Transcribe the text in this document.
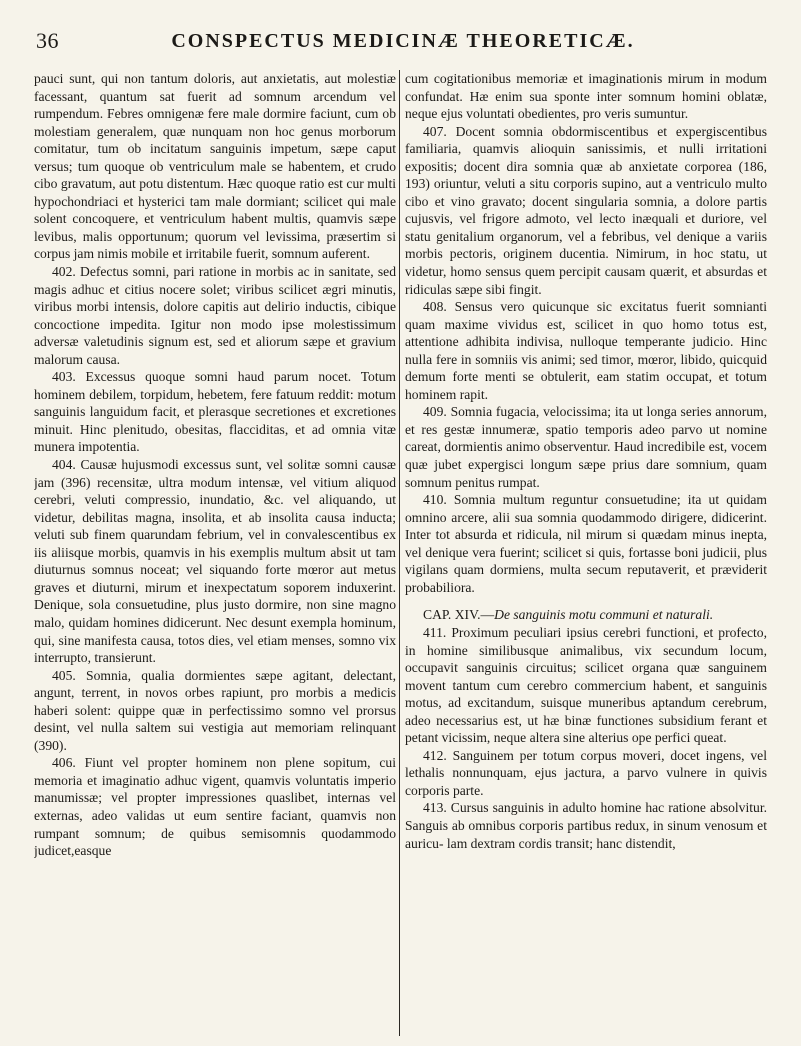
36	CONSPECTUS MEDICINÆ THEORETICÆ.

pauci sunt, qui non tantum doloris, aut anxietatis, aut molestiæ facessant, quantum sat fuerit ad somnum arcendum vel rumpendum. Febres omnigenæ fere male dormire faciunt, cum ob molestiam generalem, quæ nunquam non hoc genus morborum comitatur, tum ob incitatum sanguinis impetum, sæpe caput versus; tum quoque ob ventriculum male se habentem, et crudo cibo gravatum, aut potu distentum. Hæc quoque ratio est cur multi hypochondriaci et hysterici tam male dormiant; scilicet qui male solent concoquere, et ventriculum habent multis, quamvis sæpe levibus, malis opportunum; quorum vel levissima, præsertim si corpus jam nimis mobile et irritabile fuerit, somnum auferent.

402. Defectus somni, pari ratione in morbis ac in sanitate, sed magis adhuc et citius nocere solet; viribus scilicet ægri minutis, viribus morbi intensis, dolore capitis aut delirio inductis, cibique concoctione impedita. Igitur non modo ipse molestissimum adversæ valetudinis signum est, sed et aliorum sæpe et gravium malorum causa.

403. Excessus quoque somni haud parum nocet. Totum hominem debilem, torpidum, hebetem, fere fatuum reddit: motum sanguinis languidum facit, et plerasque secretiones et excretiones minuit. Hinc plenitudo, obesitas, flacciditas, et ad omnia vitæ munera impotentia.

404. Causæ hujusmodi excessus sunt, vel solitæ somni causæ jam (396) recensitæ, ultra modum intensæ, vel vitium aliquod cerebri, veluti compressio, inundatio, &c. vel aliquando, ut videtur, debilitas magna, insolita, et ab insolita causa inducta; veluti sub finem quarundam febrium, vel in convalescentibus ex iis aliisque morbis, quamvis in his exemplis multum absit ut tam diuturnus somnus noceat; vel siquando forte mœror aut metus graves et diuturni, mirum et inexpectatum soporem induxerint. Denique, sola consuetudine, plus justo dormire, non sine magno malo, quidam homines didicerunt. Nec desunt exempla hominum, qui, sine manifesta causa, totos dies, vel etiam menses, somno vix interrupto, transierunt.

405. Somnia, qualia dormientes sæpe agitant, delectant, angunt, terrent, in novos orbes rapiunt, pro morbis a medicis haberi solent: quippe quæ in perfectissimo somno vel prorsus desint, vel nulla saltem sui vestigia aut memoriam relinquant (390).

406. Fiunt vel propter hominem non plene sopitum, cui memoria et imaginatio adhuc vigent, quamvis voluntatis imperio manumissæ; vel propter impressiones quaslibet, internas vel externas, adeo validas ut eum sentire faciant, quamvis non rumpant somnum; de quibus semisomnis quodammodo judicet,easque

cum cogitationibus memoriæ et imaginationis mirum in modum confundat. Hæ enim sua sponte inter somnum homini oblatæ, neque ejus voluntati obedientes, pro veris sumuntur.

407. Docent somnia obdormiscentibus et expergiscentibus familiaria, quamvis alioquin sanissimis, et nulli irritationi expositis; docent dira somnia quæ ab anxietate corporea (186, 193) oriuntur, veluti a situ corporis supino, aut a ventriculo multo cibo et vino gravato; docent singularia somnia, a dolore partis cujusvis, vel frigore admoto, vel lecto inæquali et duriore, vel statu genitalium organorum, vel a febribus, vel denique a variis morbis pectoris, originem ducentia. Nimirum, in hoc statu, ut videtur, homo sensus quem percipit causam quærit, et absurdas et ridiculas sæpe sibi fingit.

408. Sensus vero quicunque sic excitatus fuerit somnianti quam maxime vividus est, scilicet in quo homo totus est, attentione adhibita indivisa, nulloque temperante judicio. Hinc nulla fere in somniis vis animi; sed timor, mœror, libido, quicquid demum forte menti se obtulerit, eam statim occupat, et totum hominem rapit.

409. Somnia fugacia, velocissima; ita ut longa series annorum, et res gestæ innumeræ, spatio temporis adeo parvo ut nomine careat, dormientis animo observentur. Haud incredibile est, vocem quæ jubet expergisci longum sæpe prius dare somnium, quam somnum penitus rumpat.

410. Somnia multum reguntur consuetudine; ita ut quidam omnino arcere, alii sua somnia quodammodo dirigere, didicerint. Inter tot absurda et ridicula, nil mirum si quædam minus inepta, vel denique vera fuerint; scilicet si quis, fortasse boni judicii, plus vigilans quam dormiens, multa secum reputaverit, et præviderit probabiliora.

CAP. XIV.—De sanguinis motu communi et naturali.

411. Proximum peculiari ipsius cerebri functioni, et profecto, in homine similibusque animalibus, vix secundum locum, occupavit sanguinis circuitus; scilicet organa quæ sanguinem movent tantum cum cerebro commercium habent, et sanguinis motus, ad excitandum, suisque muneribus aptandum cerebrum, adeo necessarius est, ut hæ binæ functiones subsidium ferant et petant vicissim, neque altera sine alterius ope perfici queat.

412. Sanguinem per totum corpus moveri, docet ingens, vel lethalis nonnunquam, ejus jactura, a parvo vulnere in quivis corporis parte.

413. Cursus sanguinis in adulto homine hac ratione absolvitur. Sanguis ab omnibus corporis partibus redux, in sinum venosum et auricu- lam dextram cordis transit; hanc distendit,
